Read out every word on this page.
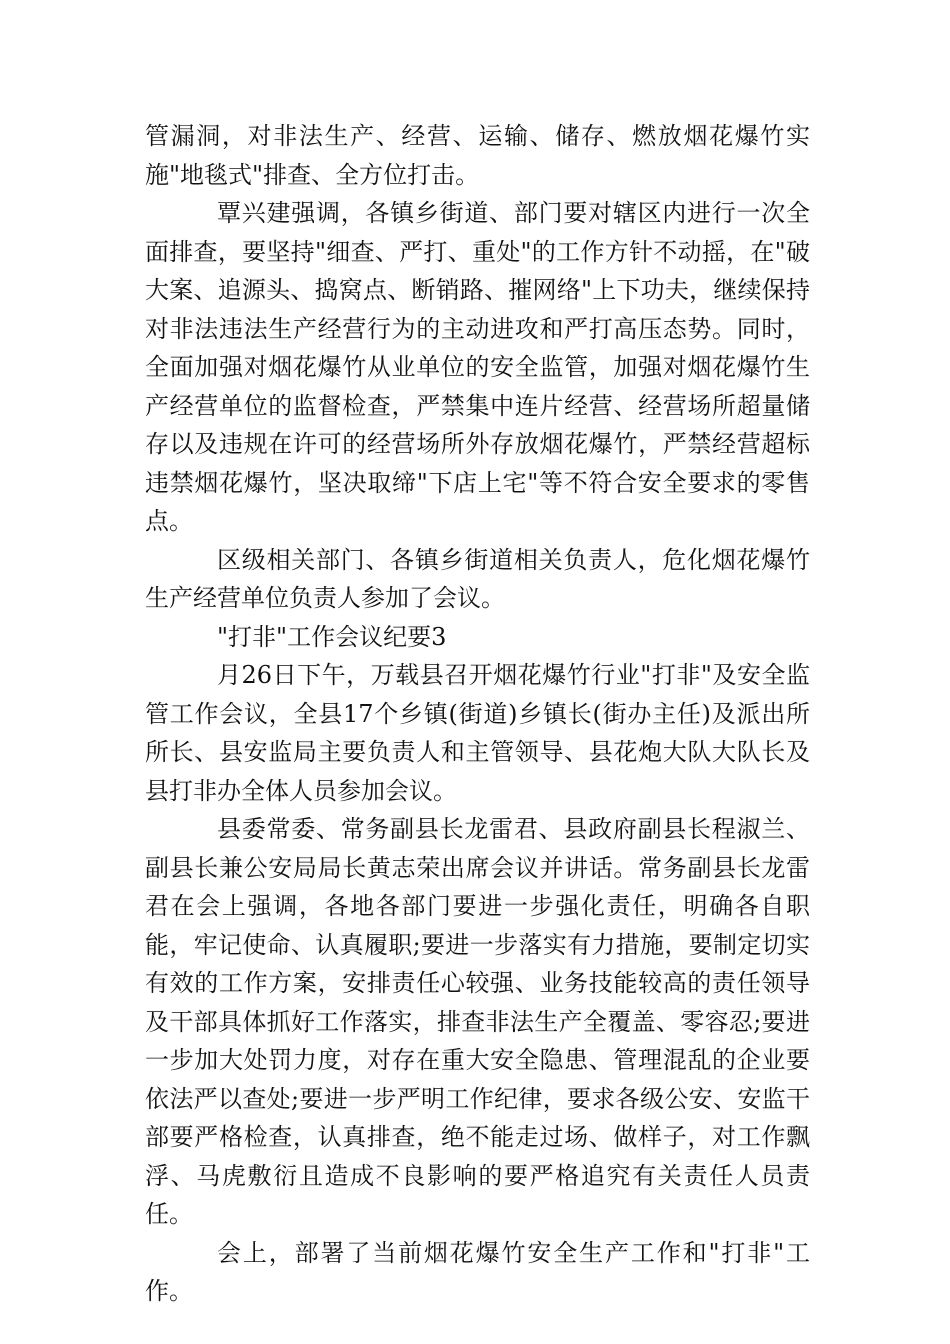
管漏洞，对非法生产、经营、运输、储存、燃放烟花爆竹实施"地毯式"排查、全方位打击。

覃兴建强调，各镇乡街道、部门要对辖区内进行一次全面排查，要坚持"细查、严打、重处"的工作方针不动摇，在"破大案、追源头、捣窝点、断销路、摧网络"上下功夫，继续保持对非法违法生产经营行为的主动进攻和严打高压态势。同时，全面加强对烟花爆竹从业单位的安全监管，加强对烟花爆竹生产经营单位的监督检查，严禁集中连片经营、经营场所超量储存以及违规在许可的经营场所外存放烟花爆竹，严禁经营超标违禁烟花爆竹，坚决取缔"下店上宅"等不符合安全要求的零售点。

区级相关部门、各镇乡街道相关负责人，危化烟花爆竹生产经营单位负责人参加了会议。

"打非"工作会议纪要3

月26日下午，万载县召开烟花爆竹行业"打非"及安全监管工作会议，全县17个乡镇(街道)乡镇长(街办主任)及派出所所长、县安监局主要负责人和主管领导、县花炮大队大队长及县打非办全体人员参加会议。

县委常委、常务副县长龙雷君、县政府副县长程淑兰、副县长兼公安局局长黄志荣出席会议并讲话。常务副县长龙雷君在会上强调，各地各部门要进一步强化责任，明确各自职能，牢记使命、认真履职;要进一步落实有力措施，要制定切实有效的工作方案，安排责任心较强、业务技能较高的责任领导及干部具体抓好工作落实，排查非法生产全覆盖、零容忍;要进一步加大处罚力度，对存在重大安全隐患、管理混乱的企业要依法严以查处;要进一步严明工作纪律，要求各级公安、安监干部要严格检查，认真排查，绝不能走过场、做样子，对工作飘浮、马虎敷衍且造成不良影响的要严格追究有关责任人员责任。

会上，部署了当前烟花爆竹安全生产工作和"打非"工作。
